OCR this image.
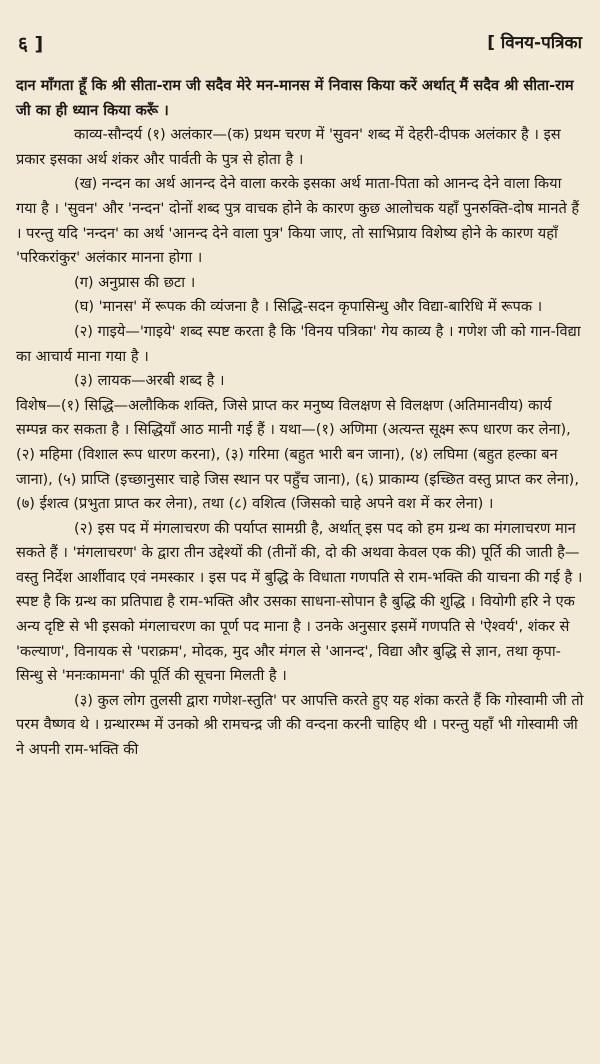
६ ]	[ विनय-पत्रिका

दान माँगता हूँ कि श्री सीता-राम जी सदैव मेरे मन-मानस में निवास किया करें अर्थात् मैं सदैव श्री सीता-राम जी का ही ध्यान किया करूँ ।

काव्य-सौन्दर्य (१) अलंकार—(क) प्रथम चरण में 'सुवन' शब्द में देहरी-दीपक अलंकार है । इस प्रकार इसका अर्थ शंकर और पार्वती के पुत्र से होता है ।

(ख) नन्दन का अर्थ आनन्द देने वाला करके इसका अर्थ माता-पिता को आनन्द देने वाला किया गया है । 'सुवन' और 'नन्दन' दोनों शब्द पुत्र वाचक होने के कारण कुछ आलोचक यहाँ पुनरुक्ति-दोष मानते हैं । परन्तु यदि 'नन्दन' का अर्थ 'आनन्द देने वाला पुत्र' किया जाए, तो साभिप्राय विशेष्य होने के कारण यहाँ 'परिकरांकुर' अलंकार मानना होगा ।

(ग) अनुप्रास की छटा ।

(घ) 'मानस' में रूपक की व्यंजना है । सिद्धि-सदन कृपासिन्धु और विद्या-बारिधि में रूपक ।

(२) गाइये—'गाइये' शब्द स्पष्ट करता है कि 'विनय पत्रिका' गेय काव्य है । गणेश जी को गान-विद्या का आचार्य माना गया है ।

(३) लायक—अरबी शब्द है ।

विशेष—(१) सिद्धि—अलौकिक शक्ति, जिसे प्राप्त कर मनुष्य विलक्षण से विलक्षण (अतिमानवीय) कार्य सम्पन्न कर सकता है । सिद्धियाँ आठ मानी गई हैं । यथा—(१) अणिमा (अत्यन्त सूक्ष्म रूप धारण कर लेना), (२) महिमा (विशाल रूप धारण करना), (३) गरिमा (बहुत भारी बन जाना), (४) लघिमा (बहुत हल्का बन जाना), (५) प्राप्ति (इच्छानुसार चाहे जिस स्थान पर पहुँच जाना), (६) प्राकाम्य (इच्छित वस्तु प्राप्त कर लेना), (७) ईशत्व (प्रभुता प्राप्त कर लेना), तथा (८) वशित्व (जिसको चाहे अपने वश में कर लेना) ।

(२) इस पद में मंगलाचरण की पर्याप्त सामग्री है, अर्थात् इस पद को हम ग्रन्थ का मंगलाचरण मान सकते हैं । 'मंगलाचरण' के द्वारा तीन उद्देश्यों की (तीनों की, दो की अथवा केवल एक की) पूर्ति की जाती है—वस्तु निर्देश आर्शीवाद एवं नमस्कार । इस पद में बुद्धि के विधाता गणपति से राम-भक्ति की याचना की गई है । स्पष्ट है कि ग्रन्थ का प्रतिपाद्य है राम-भक्ति और उसका साधना-सोपान है बुद्धि की शुद्धि । वियोगी हरि ने एक अन्य दृष्टि से भी इसको मंगलाचरण का पूर्ण पद माना है । उनके अनुसार इसमें गणपति से 'ऐश्वर्य', शंकर से 'कल्याण', विनायक से 'पराक्रम', मोदक, मुद और मंगल से 'आनन्द', विद्या और बुद्धि से ज्ञान, तथा कृपा-सिन्धु से 'मनःकामना' की पूर्ति की सूचना मिलती है ।

(३) कुल लोग तुलसी द्वारा गणेश-स्तुति' पर आपत्ति करते हुए यह शंका करते हैं कि गोस्वामी जी तो परम वैष्णव थे । ग्रन्थारम्भ में उनको श्री रामचन्द्र जी की वन्दना करनी चाहिए थी । परन्तु यहाँ भी गोस्वामी जी ने अपनी राम-भक्ति की
